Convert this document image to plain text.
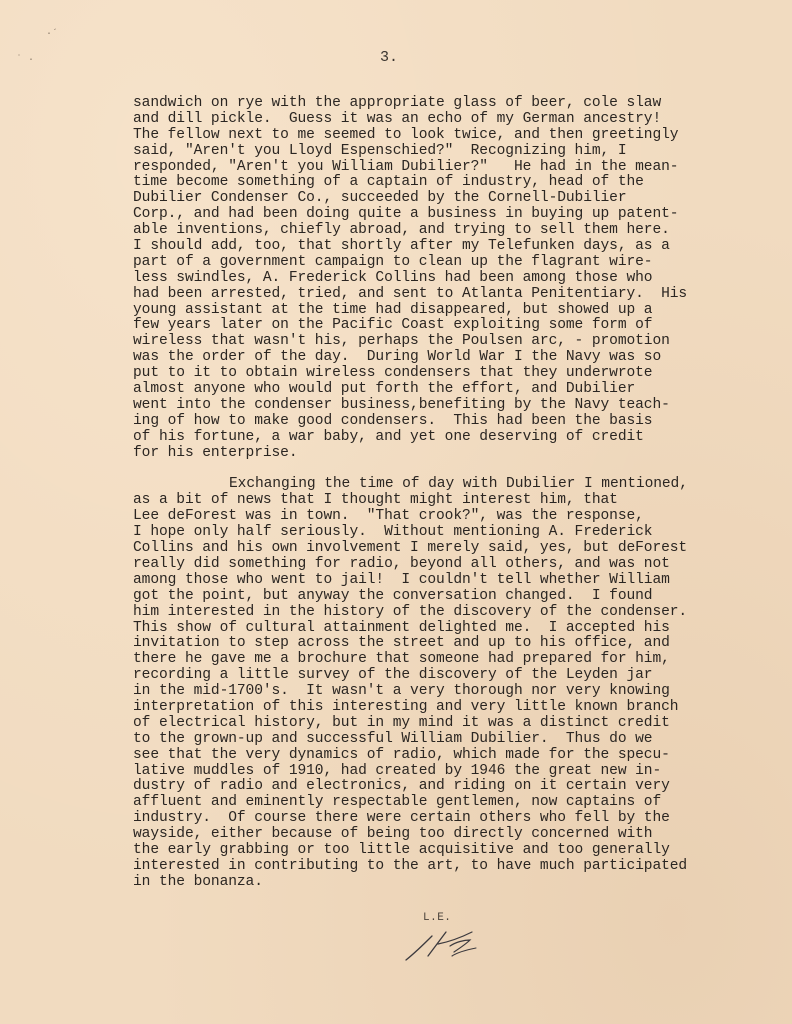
·´
˙ ·	3.
sandwich on rye with the appropriate glass of beer, cole slaw
and dill pickle.  Guess it was an echo of my German ancestry!
The fellow next to me seemed to look twice, and then greetingly
said, "Aren't you Lloyd Espenschied?"  Recognizing him, I
responded, "Aren't you William Dubilier?"   He had in the mean-
time become something of a captain of industry, head of the
Dubilier Condenser Co., succeeded by the Cornell-Dubilier
Corp., and had been doing quite a business in buying up patent-
able inventions, chiefly abroad, and trying to sell them here.
I should add, too, that shortly after my Telefunken days, as a
part of a government campaign to clean up the flagrant wire-
less swindles, A. Frederick Collins had been among those who
had been arrested, tried, and sent to Atlanta Penitentiary.  His
young assistant at the time had disappeared, but showed up a
few years later on the Pacific Coast exploiting some form of
wireless that wasn't his, perhaps the Poulsen arc, - promotion
was the order of the day.  During World War I the Navy was so
put to it to obtain wireless condensers that they underwrote
almost anyone who would put forth the effort, and Dubilier
went into the condenser business,benefiting by the Navy teach-
ing of how to make good condensers.  This had been the basis
of his fortune, a war baby, and yet one deserving of credit
for his enterprise.
Exchanging the time of day with Dubilier I mentioned,
as a bit of news that I thought might interest him, that
Lee deForest was in town.  "That crook?", was the response,
I hope only half seriously.  Without mentioning A. Frederick
Collins and his own involvement I merely said, yes, but deForest
really did something for radio, beyond all others, and was not
among those who went to jail!  I couldn't tell whether William
got the point, but anyway the conversation changed.  I found
him interested in the history of the discovery of the condenser.
This show of cultural attainment delighted me.  I accepted his
invitation to step across the street and up to his office, and
there he gave me a brochure that someone had prepared for him,
recording a little survey of the discovery of the Leyden jar
in the mid-1700's.  It wasn't a very thorough nor very knowing
interpretation of this interesting and very little known branch
of electrical history, but in my mind it was a distinct credit
to the grown-up and successful William Dubilier.  Thus do we
see that the very dynamics of radio, which made for the specu-
lative muddles of 1910, had created by 1946 the great new in-
dustry of radio and electronics, and riding on it certain very
affluent and eminently respectable gentlemen, now captains of
industry.  Of course there were certain others who fell by the
wayside, either because of being too directly concerned with
the early grabbing or too little acquisitive and too generally
interested in contributing to the art, to have much participated
in the bonanza.
L.E.
